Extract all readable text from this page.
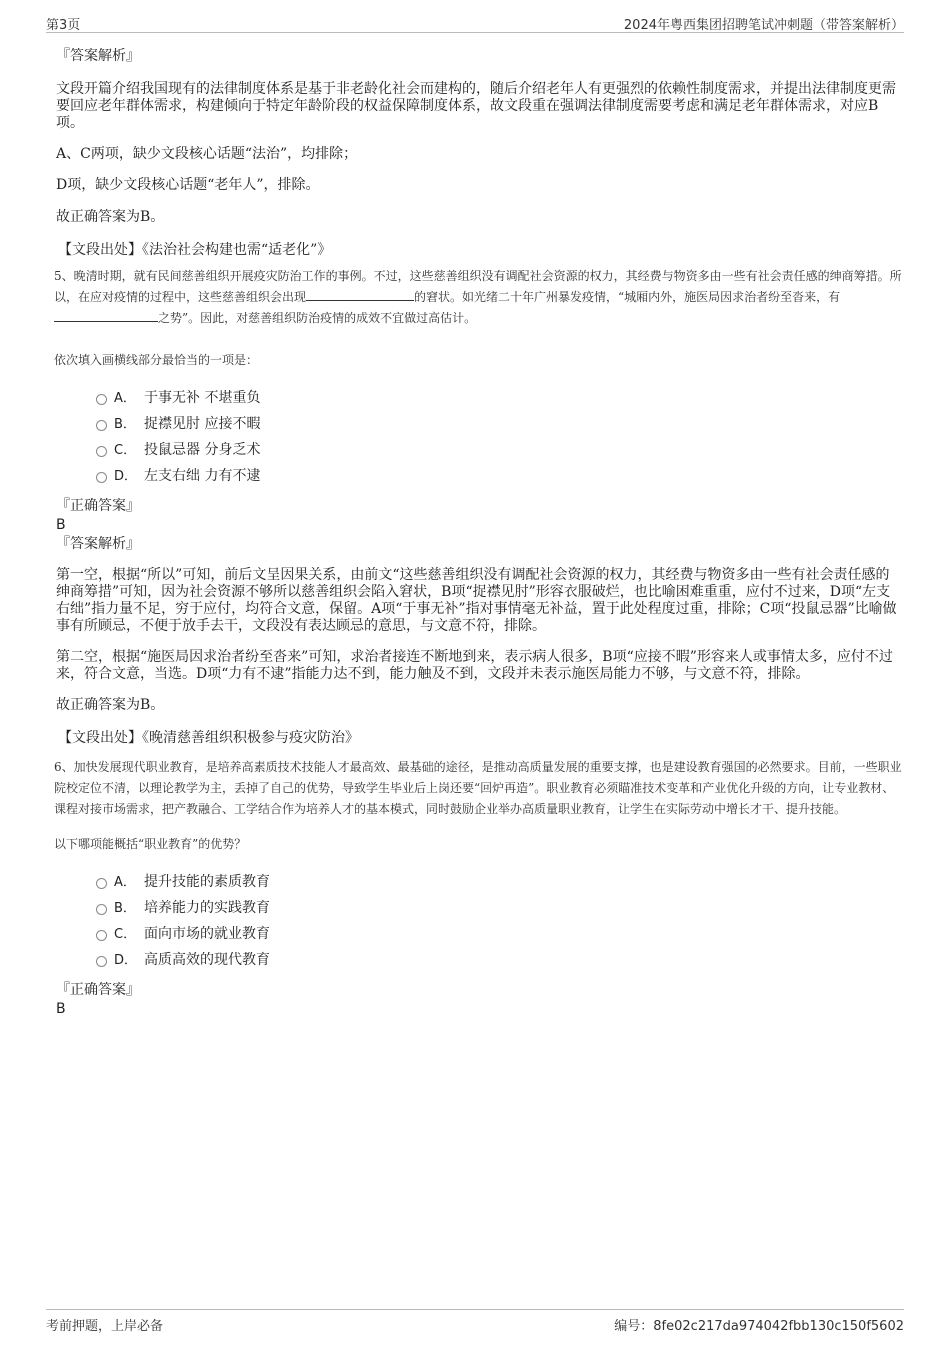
第3页	2024年粤西集团招聘笔试冲刺题（带答案解析）

『答案解析』

文段开篇介绍我国现有的法律制度体系是基于非老龄化社会而建构的，随后介绍老年人有更强烈的依赖性制度需求，并提出法律制度更需要回应老年群体需求，构建倾向于特定年龄阶段的权益保障制度体系，故文段重在强调法律制度需要考虑和满足老年群体需求，对应B项。

A、C两项，缺少文段核心话题“法治”，均排除；

D项，缺少文段核心话题“老年人”，排除。

故正确答案为B。

【文段出处】《法治社会构建也需“适老化”》

5、晚清时期，就有民间慈善组织开展疫灾防治工作的事例。不过，这些慈善组织没有调配社会资源的权力，其经费与物资多由一些有社会责任感的绅商筹措。所以，在应对疫情的过程中，这些慈善组织会出现	的窘状。如光绪二十年广州暴发疫情，“城厢内外，施医局因求治者纷至沓来，有之势”。因此，对慈善组织防治疫情的成效不宜做过高估计。

依次填入画横线部分最恰当的一项是：

A． 于事无补 不堪重负
B． 捉襟见肘 应接不暇
C． 投鼠忌器 分身乏术
D． 左支右绌 力有不逮

『正确答案』

B

『答案解析』

第一空，根据“所以”可知，前后文呈因果关系，由前文“这些慈善组织没有调配社会资源的权力，其经费与物资多由一些有社会责任感的绅商筹措”可知，因为社会资源不够所以慈善组织会陷入窘状，B项“捉襟见肘”形容衣服破烂，也比喻困难重重，应付不过来，D项“左支右绌”指力量不足，穷于应付，均符合文意，保留。A项“于事无补”指对事情毫无补益，置于此处程度过重，排除；C项“投鼠忌器”比喻做事有所顾忌，不便于放手去干，文段没有表达顾忌的意思，与文意不符，排除。

第二空，根据“施医局因求治者纷至沓来”可知，求治者接连不断地到来，表示病人很多，B项“应接不暇”形容来人或事情太多，应付不过来，符合文意，当选。D项“力有不逮”指能力达不到，能力触及不到，文段并未表示施医局能力不够，与文意不符，排除。

故正确答案为B。

【文段出处】《晚清慈善组织积极参与疫灾防治》

6、加快发展现代职业教育，是培养高素质技术技能人才最高效、最基础的途径，是推动高质量发展的重要支撑，也是建设教育强国的必然要求。目前，一些职业院校定位不清，以理论教学为主，丢掉了自己的优势，导致学生毕业后上岗还要“回炉再造”。职业教育必须瞄准技术变革和产业优化升级的方向，让专业教材、课程对接市场需求，把产教融合、工学结合作为培养人才的基本模式，同时鼓励企业举办高质量职业教育，让学生在实际劳动中增长才干、提升技能。

以下哪项能概括“职业教育”的优势？

A． 提升技能的素质教育
B． 培养能力的实践教育
C． 面向市场的就业教育
D． 高质高效的现代教育

『正确答案』

B

考前押题，上岸必备	编号：8fe02c217da974042fbb130c150f5602
